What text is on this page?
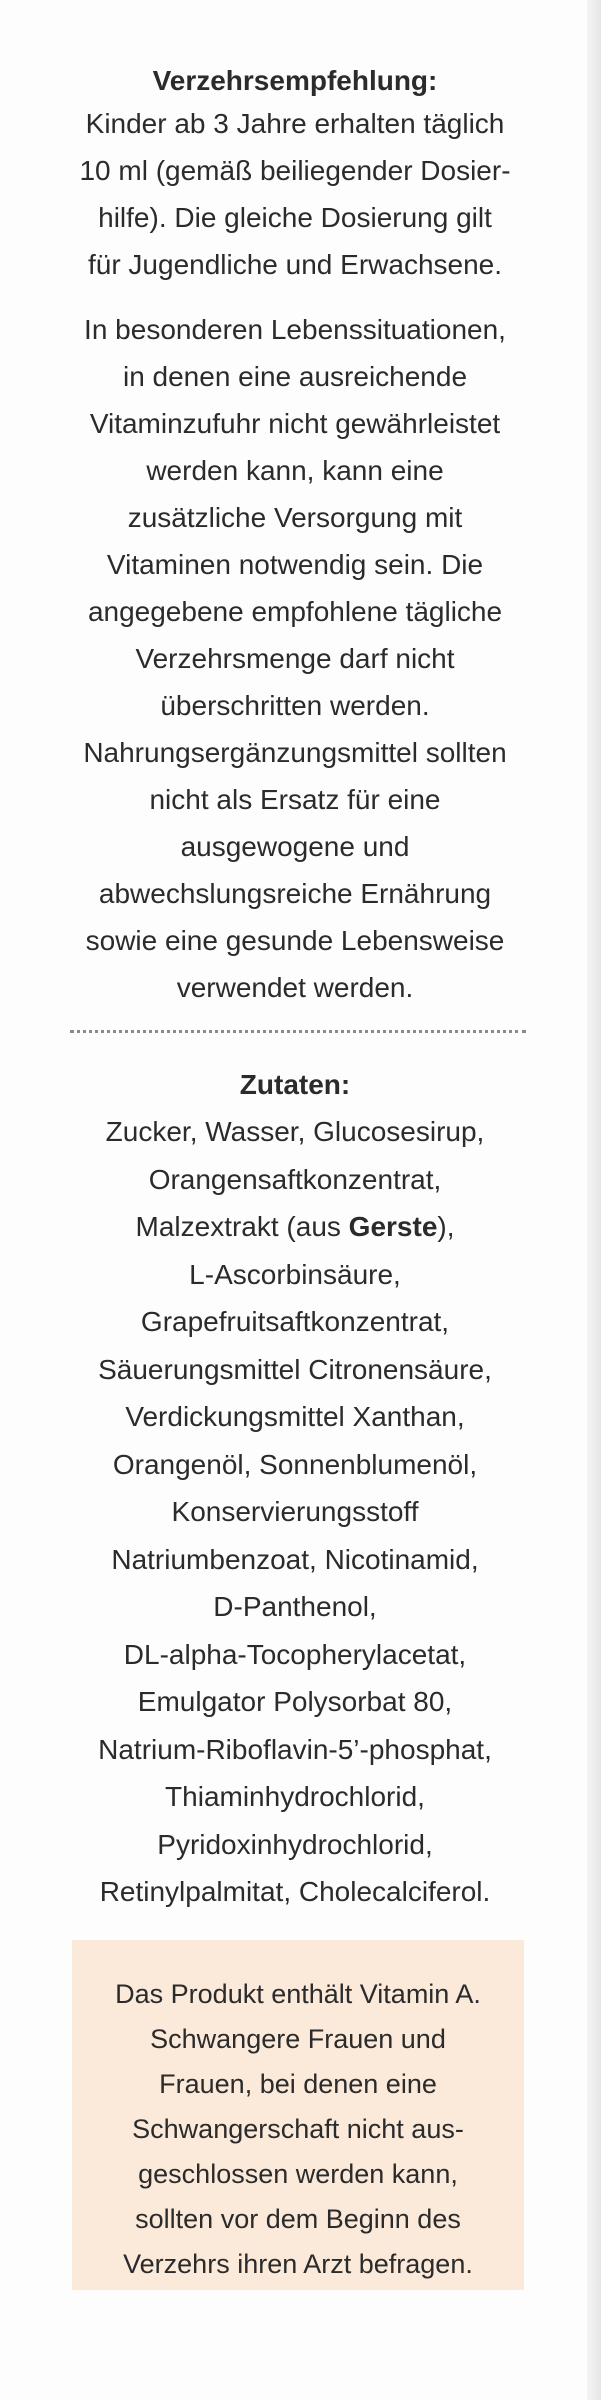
Verzehrsempfehlung:

Kinder ab 3 Jahre erhalten täglich

10 ml (gemäß beiliegender Dosier-

hilfe). Die gleiche Dosierung gilt

für Jugendliche und Erwachsene.

In besonderen Lebenssituationen,

in denen eine ausreichende

Vitaminzufuhr nicht gewährleistet

werden kann, kann eine

zusätzliche Versorgung mit

Vitaminen notwendig sein. Die

angegebene empfohlene tägliche

Verzehrsmenge darf nicht

überschritten werden.

Nahrungsergänzungsmittel sollten

nicht als Ersatz für eine

ausgewogene und

abwechslungsreiche Ernährung

sowie eine gesunde Lebensweise

verwendet werden.

Zutaten:

Zucker, Wasser, Glucosesirup,

Orangensaftkonzentrat,

Malzextrakt (aus Gerste),

L-Ascorbinsäure,

Grapefruitsaftkonzentrat,

Säuerungsmittel Citronensäure,

Verdickungsmittel Xanthan,

Orangenöl, Sonnenblumenöl,

Konservierungsstoff

Natriumbenzoat, Nicotinamid,

D-Panthenol,

DL-alpha-Tocopherylacetat,

Emulgator Polysorbat 80,

Natrium-Riboflavin-5’-phosphat,

Thiaminhydrochlorid,

Pyridoxinhydrochlorid,

Retinylpalmitat, Cholecalciferol.

Das Produkt enthält Vitamin A.

Schwangere Frauen und

Frauen, bei denen eine

Schwangerschaft nicht aus-

geschlossen werden kann,

sollten vor dem Beginn des

Verzehrs ihren Arzt befragen.
